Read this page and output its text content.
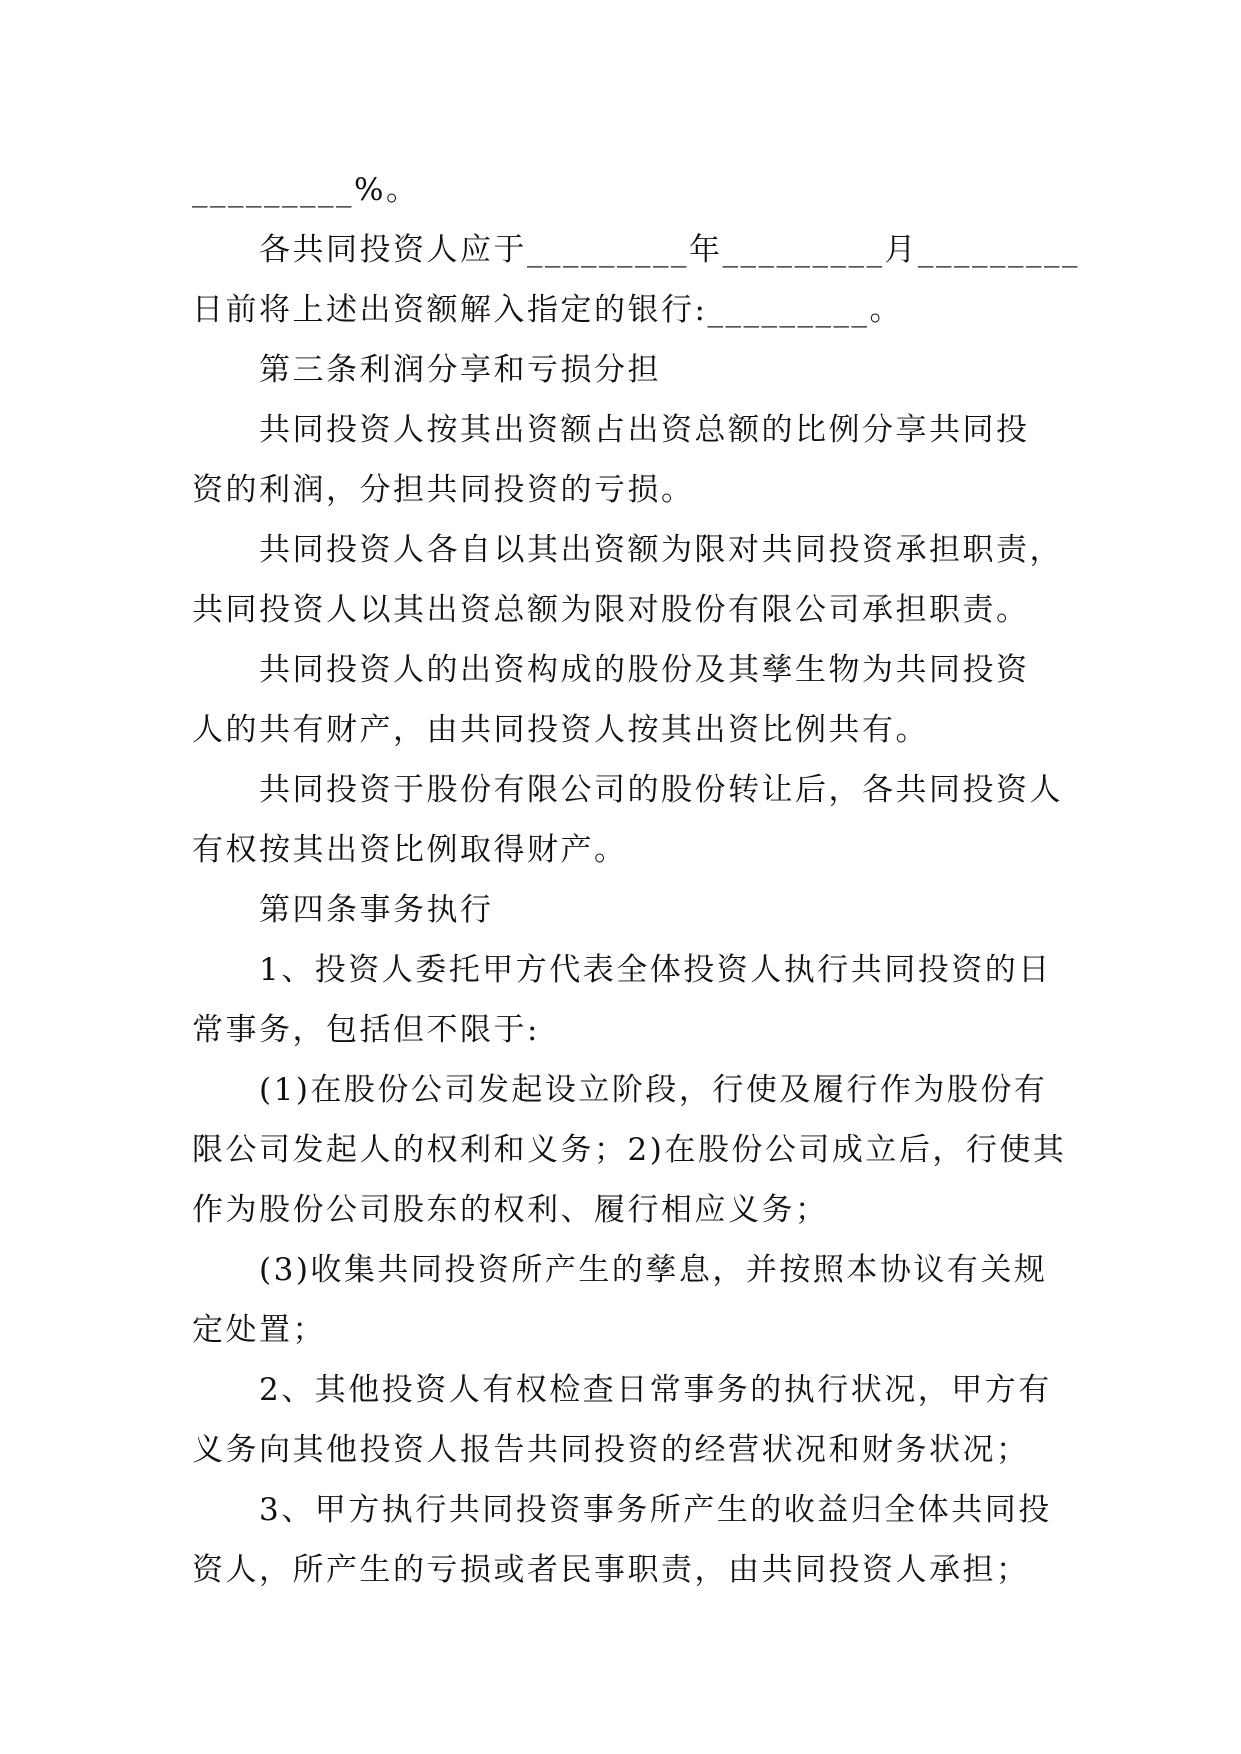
_________%。
各共同投资人应于_________年_________月_________
日前将上述出资额解入指定的银行:_________。
第三条利润分享和亏损分担
共同投资人按其出资额占出资总额的比例分享共同投
资的利润，分担共同投资的亏损。
共同投资人各自以其出资额为限对共同投资承担职责，
共同投资人以其出资总额为限对股份有限公司承担职责。
共同投资人的出资构成的股份及其孳生物为共同投资
人的共有财产，由共同投资人按其出资比例共有。
共同投资于股份有限公司的股份转让后，各共同投资人
有权按其出资比例取得财产。
第四条事务执行
1、投资人委托甲方代表全体投资人执行共同投资的日
常事务，包括但不限于:
(1)在股份公司发起设立阶段，行使及履行作为股份有
限公司发起人的权利和义务；2)在股份公司成立后，行使其
作为股份公司股东的权利、履行相应义务；
(3)收集共同投资所产生的孳息，并按照本协议有关规
定处置；
2、其他投资人有权检查日常事务的执行状况，甲方有
义务向其他投资人报告共同投资的经营状况和财务状况；
3、甲方执行共同投资事务所产生的收益归全体共同投
资人，所产生的亏损或者民事职责，由共同投资人承担；
